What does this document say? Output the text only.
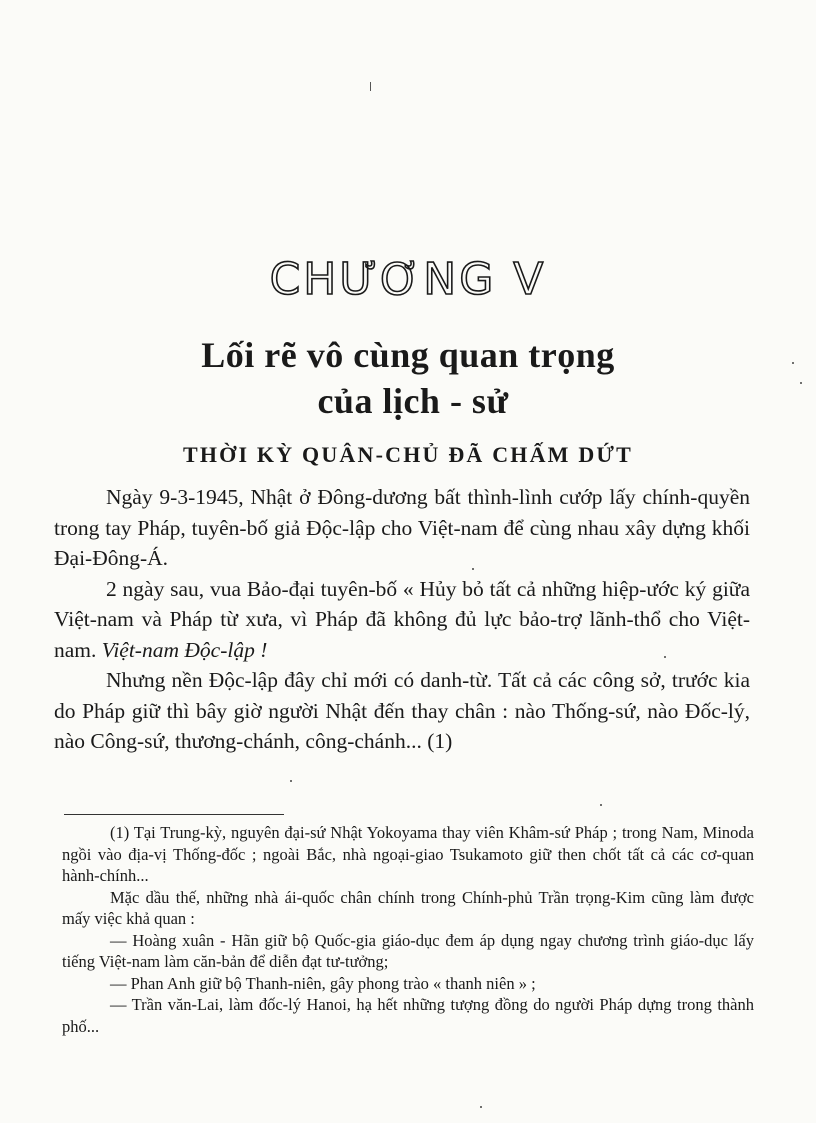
CHƯƠNG V
Lối rẽ vô cùng quan trọng
của lịch - sử
THỜI KỲ QUÂN-CHỦ ĐÃ CHẤM DỨT

Ngày 9-3-1945, Nhật ở Đông-dương bất thình-lình cướp lấy chính-quyền trong tay Pháp, tuyên-bố giả Độc-lập cho Việt-nam để cùng nhau xây dựng khối Đại-Đông-Á.

2 ngày sau, vua Bảo-đại tuyên-bố « Hủy bỏ tất cả những hiệp-ước ký giữa Việt-nam và Pháp từ xưa, vì Pháp đã không đủ lực bảo-trợ lãnh-thổ cho Việt-nam. Việt-nam Độc-lập !

Nhưng nền Độc-lập đây chỉ mới có danh-từ. Tất cả các công sở, trước kia do Pháp giữ thì bây giờ người Nhật đến thay chân : nào Thống-sứ, nào Đốc-lý, nào Công-sứ, thương-chánh, công-chánh... (1)

(1) Tại Trung-kỳ, nguyên đại-sứ Nhật Yokoyama thay viên Khâm-sứ Pháp ; trong Nam, Minoda ngồi vào địa-vị Thống-đốc ; ngoài Bắc, nhà ngoại-giao Tsukamoto giữ then chốt tất cả các cơ-quan hành-chính...

Mặc dầu thế, những nhà ái-quốc chân chính trong Chính-phủ Trần trọng-Kim cũng làm được mấy việc khả quan :

— Hoàng xuân - Hãn giữ bộ Quốc-gia giáo-dục đem áp dụng ngay chương trình giáo-dục lấy tiếng Việt-nam làm căn-bản để diễn đạt tư-tưởng;

— Phan Anh giữ bộ Thanh-niên, gây phong trào « thanh niên » ;

— Trần văn-Lai, làm đốc-lý Hanoi, hạ hết những tượng đồng do người Pháp dựng trong thành phố...
